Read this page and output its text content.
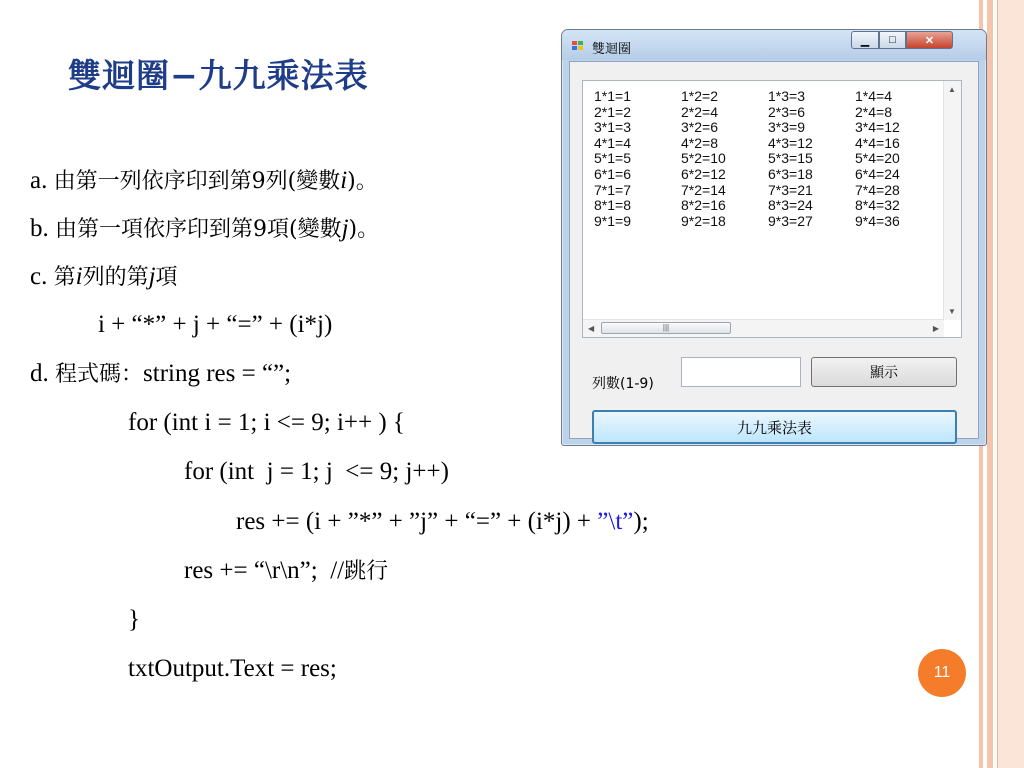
雙迴圈−九九乘法表
a. 由第一列依序印到第9列(變數i)。
b. 由第一項依序印到第9項(變數j)。
c. 第i列的第j項
i + “*” + j + “=” + (i*j)
d. 程式碼：string res = “”;
for (int i = 1; i <= 9; i++ ) {
for (int  j = 1; j  <= 9; j++)
res += (i + ”*” + ”j” + “=” + (i*j) + ”\t”);
res += “\r\n”;  //跳行
}
txtOutput.Text = res;	11
雙迴圈
▁	□	✕
1*1=1	1*2=2	1*3=3	1*4=4
2*1=2	2*2=4	2*3=6	2*4=8
3*1=3	3*2=6	3*3=9	3*4=12
4*1=4	4*2=8	4*3=12	4*4=16
5*1=5	5*2=10	5*3=15	5*4=20
6*1=6	6*2=12	6*3=18	6*4=24
7*1=7	7*2=14	7*3=21	7*4=28
8*1=8	8*2=16	8*3=24	8*4=32
9*1=9	9*2=18	9*3=27	9*4=36
▲
▼
◀	|||	▶
列數(1-9)
顯示
九九乘法表
